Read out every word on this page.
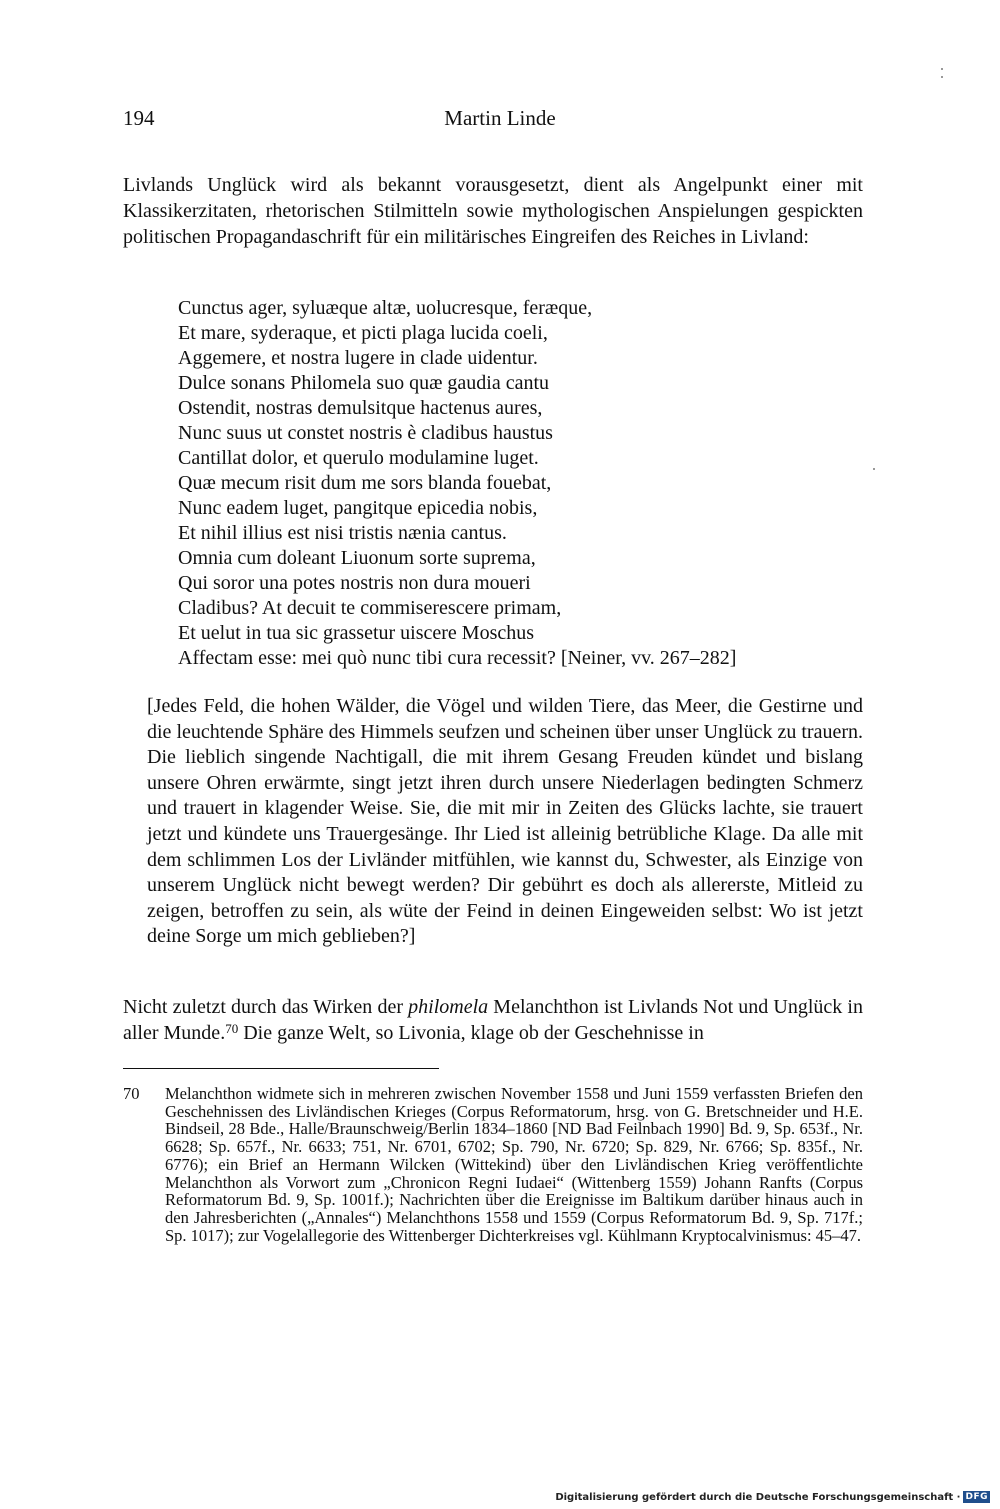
194	Martin Linde
Livlands Unglück wird als bekannt vorausgesetzt, dient als Angelpunkt einer mit Klassikerzitaten, rhetorischen Stilmitteln sowie mythologischen Anspielungen gespickten politischen Propagandaschrift für ein militärisches Eingreifen des Reiches in Livland:
Cunctus ager, syluæque altæ, uolucresque, feræque,
Et mare, syderaque, et picti plaga lucida coeli,
Aggemere, et nostra lugere in clade uidentur.
Dulce sonans Philomela suo quæ gaudia cantu
Ostendit, nostras demulsitque hactenus aures,
Nunc suus ut constet nostris è cladibus haustus
Cantillat dolor, et querulo modulamine luget.
Quæ mecum risit dum me sors blanda fouebat,
Nunc eadem luget, pangitque epicedia nobis,
Et nihil illius est nisi tristis nænia cantus.
Omnia cum doleant Liuonum sorte suprema,
Qui soror una potes nostris non dura moueri
Cladibus? At decuit te commiserescere primam,
Et uelut in tua sic grassetur uiscere Moschus
Affectam esse: mei quò nunc tibi cura recessit? [Neiner, vv. 267–282]
[Jedes Feld, die hohen Wälder, die Vögel und wilden Tiere, das Meer, die Gestirne und die leuchtende Sphäre des Himmels seufzen und scheinen über unser Unglück zu trauern. Die lieblich singende Nachtigall, die mit ihrem Gesang Freuden kündet und bislang unsere Ohren erwärmte, singt jetzt ihren durch unsere Niederlagen bedingten Schmerz und trauert in klagender Weise. Sie, die mit mir in Zeiten des Glücks lachte, sie trauert jetzt und kündete uns Trauergesänge. Ihr Lied ist alleinig betrübliche Klage. Da alle mit dem schlimmen Los der Livländer mitfühlen, wie kannst du, Schwester, als Einzige von unserem Unglück nicht bewegt werden? Dir gebührt es doch als allererste, Mitleid zu zeigen, betroffen zu sein, als wüte der Feind in deinen Eingeweiden selbst: Wo ist jetzt deine Sorge um mich geblieben?]
Nicht zuletzt durch das Wirken der philomela Melanchthon ist Livlands Not und Unglück in aller Munde.$^{70}$ Die ganze Welt, so Livonia, klage ob der Geschehnisse in
70 Melanchthon widmete sich in mehreren zwischen November 1558 und Juni 1559 verfassten Briefen den Geschehnissen des Livländischen Krieges (Corpus Reformatorum, hrsg. von G. Bretschneider und H.E. Bindseil, 28 Bde., Halle/Braunschweig/Berlin 1834–1860 [ND Bad Feilnbach 1990] Bd. 9, Sp. 653f., Nr. 6628; Sp. 657f., Nr. 6633; 751, Nr. 6701, 6702; Sp. 790, Nr. 6720; Sp. 829, Nr. 6766; Sp. 835f., Nr. 6776); ein Brief an Hermann Wilcken (Wittekind) über den Livländischen Krieg veröffentlichte Melanchthon als Vorwort zum „Chronicon Regni Iudaei“ (Wittenberg 1559) Johann Ranfts (Corpus Reformatorum Bd. 9, Sp. 1001f.); Nachrichten über die Ereignisse im Baltikum darüber hinaus auch in den Jahresberichten („Annales“) Melanchthons 1558 und 1559 (Corpus Reformatorum Bd. 9, Sp. 717f.; Sp. 1017); zur Vogelallegorie des Wittenberger Dichterkreises vgl. Kühlmann Kryptocalvinismus: 45–47.
Digitalisierung gefördert durch die Deutsche Forschungsgemeinschaft · DFG
